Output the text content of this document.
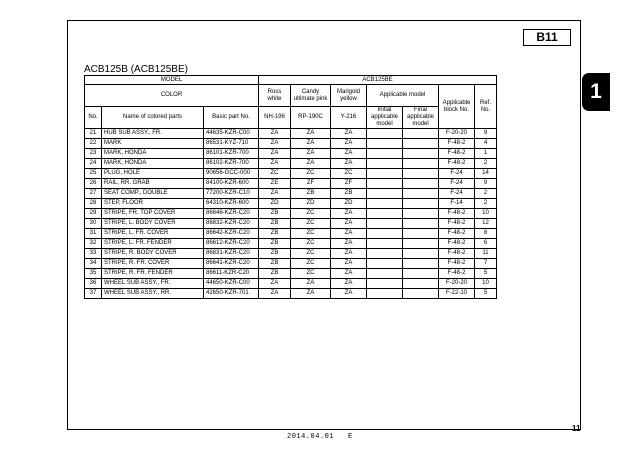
B11
1
ACB125B (ACB125BE)
MODEL			ACB125BE						
COLOR			Ross white	Candy ultimate pink	Marigold yellow	Applicable model		Applicable block No.	Ref. No.
						Initial applicable model	Final applicable model		
No.	Name of colored parts	Basic part No.	NH-196	RP-190C	Y-216				
21	HUB SUB ASSY., FR.	44635-KZR-C00	ZA	ZA	ZA			F-20-20	9
22	MARK	86531-KYZ-710	ZA	ZA	ZA			F-48-2	4
23	MARK, HONDA	86101-KZR-700	ZA	ZA	ZA			F-48-2	1
24	MARK, HONDA	86102-KZR-700	ZA	ZA	ZA			F-48-2	2
25	PLUG, HOLE	90656-GCC-000	ZC	ZC	ZC			F-24	14
26	RAIL, RR. GRAB	84100-KZR-600	ZE	ZF	ZF			F-24	9
27	SEAT COMP., DOUBLE	77200-KZR-C10	ZA	ZB	ZB			F-24	2
28	STEP, FLOOR	64310-KZR-600	ZD	ZD	ZD			F-14	2
29	STRIPE, FR. TOP COVER	86646-KZR-C20	ZB	ZC	ZA			F-48-2	10
30	STRIPE, L. BODY COVER	86832-KZR-C20	ZB	ZC	ZA			F-48-2	12
31	STRIPE, L. FR. COVER	86642-KZR-C20	ZB	ZC	ZA			F-48-2	8
32	STRIPE, L. FR. FENDER	86612-KZR-C20	ZB	ZC	ZA			F-48-2	6
33	STRIPE, R. BODY COVER	86831-KZR-C20	ZB	ZC	ZA			F-48-2	11
34	STRIPE, R. FR. COVER	86641-KZR-C20	ZB	ZC	ZA			F-48-2	7
35	STRIPE, R. FR. FENDER	86611-KZR-C20	ZB	ZC	ZA			F-48-2	5
36	WHEEL SUB ASSY., FR.	44650-KZR-C00	ZA	ZA	ZA			F-20-20	10
37	WHEEL SUB ASSY., RR.	42650-KZR-701	ZA	ZA	ZA			F-22-10	5
11
2014.04.01 E
